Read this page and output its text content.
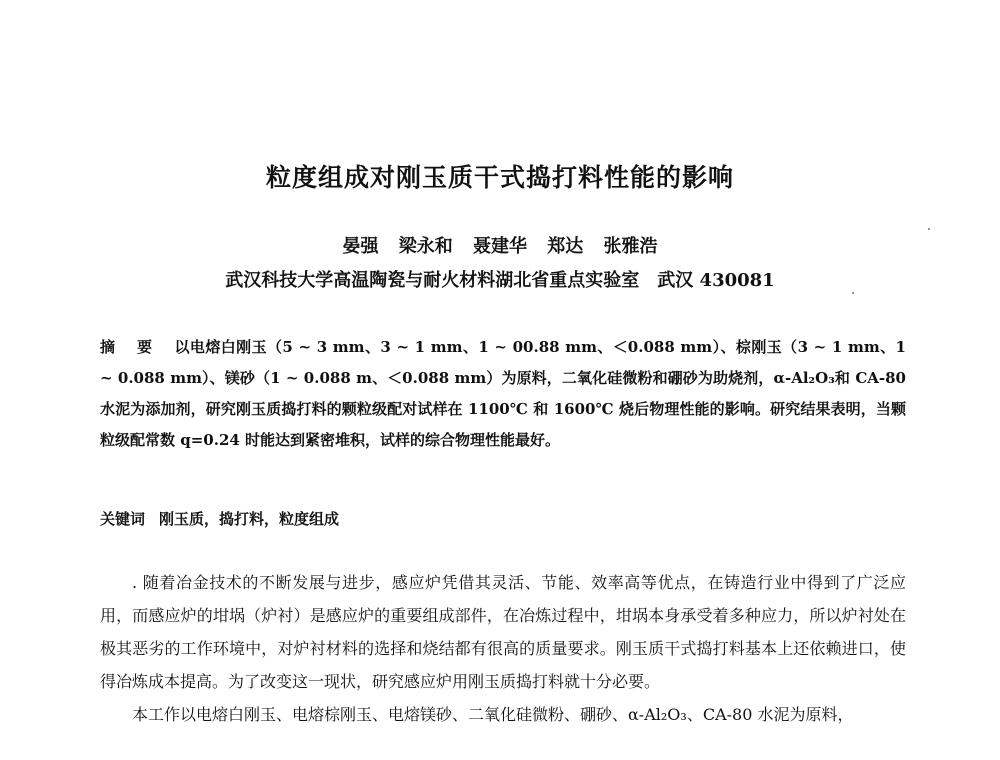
粒度组成对刚玉质干式捣打料性能的影响
晏强 梁永和 聂建华 郑达 张雅浩
武汉科技大学高温陶瓷与耐火材料湖北省重点实验室　武汉 430081
摘 要 以电熔白刚玉（5 ~ 3 mm、3 ~ 1 mm、1 ~ 00.88 mm、＜0.088 mm）、棕刚玉（3 ~ 1 mm、1 ~ 0.088 mm）、镁砂（1 ~ 0.088 m、＜0.088 mm）为原料，二氧化硅微粉和硼砂为助烧剂，α-Al₂O₃和 CA-80 水泥为添加剂，研究刚玉质捣打料的颗粒级配对试样在 1100℃ 和 1600℃ 烧后物理性能的影响。研究结果表明，当颗粒级配常数 q=0.24 时能达到紧密堆积，试样的综合物理性能最好。
关键词 刚玉质，捣打料，粒度组成

. 随着冶金技术的不断发展与进步，感应炉凭借其灵活、节能、效率高等优点，在铸造行业中得到了广泛应用，而感应炉的坩埚（炉衬）是感应炉的重要组成部件，在冶炼过程中，坩埚本身承受着多种应力，所以炉衬处在极其恶劣的工作环境中，对炉衬材料的选择和烧结都有很高的质量要求。刚玉质干式捣打料基本上还依赖进口，使得冶炼成本提高。为了改变这一现状，研究感应炉用刚玉质捣打料就十分必要。

本工作以电熔白刚玉、电熔棕刚玉、电熔镁砂、二氧化硅微粉、硼砂、α-Al₂O₃、CA-80 水泥为原料，
